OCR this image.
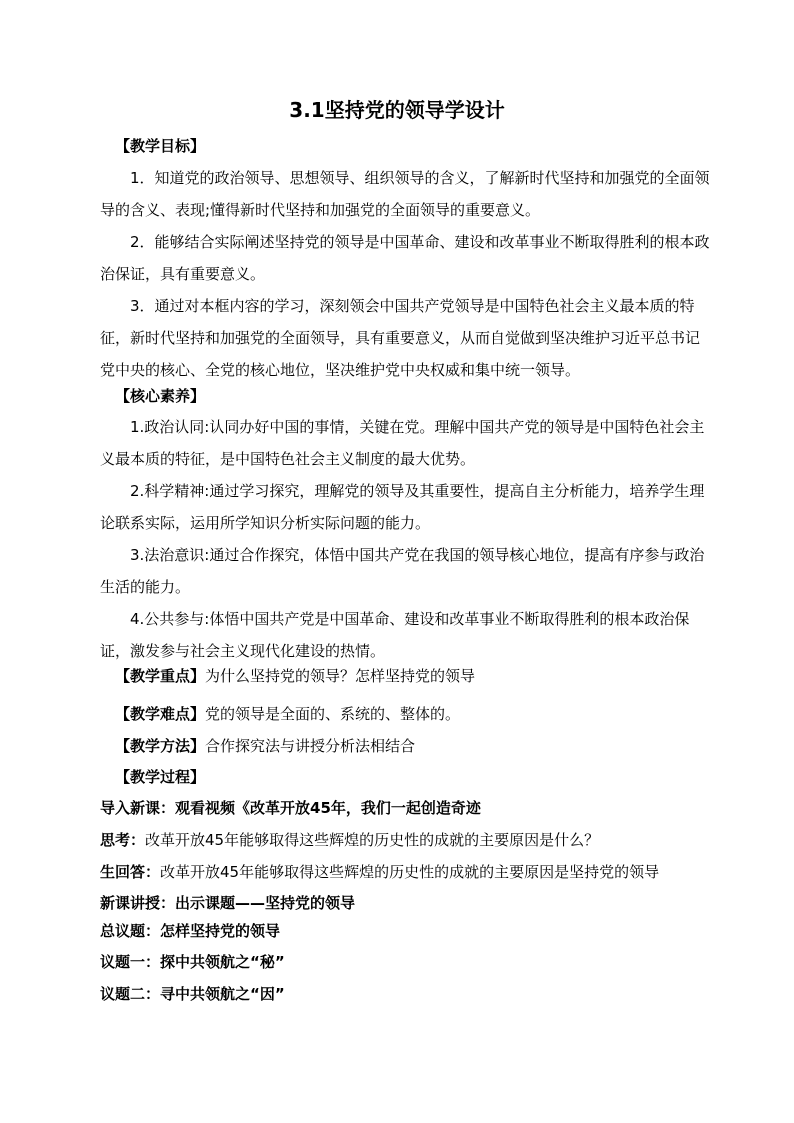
3.1坚持党的领导学设计
【教学目标】

1．知道党的政治领导、思想领导、组织领导的含义，了解新时代坚持和加强党的全面领导的含义、表现;懂得新时代坚持和加强党的全面领导的重要意义。

2．能够结合实际阐述坚持党的领导是中国革命、建设和改革事业不断取得胜利的根本政治保证，具有重要意义。

3．通过对本框内容的学习，深刻领会中国共产党领导是中国特色社会主义最本质的特征，新时代坚持和加强党的全面领导，具有重要意义，从而自觉做到坚决维护习近平总书记党中央的核心、全党的核心地位，坚决维护党中央权威和集中统一领导。

【核心素养】

1.政治认同:认同办好中国的事情，关键在党。理解中国共产党的领导是中国特色社会主义最本质的特征，是中国特色社会主义制度的最大优势。

2.科学精神:通过学习探究，理解党的领导及其重要性，提高自主分析能力，培养学生理论联系实际，运用所学知识分析实际问题的能力。

3.法治意识:通过合作探究，体悟中国共产党在我国的领导核心地位，提高有序参与政治生活的能力。

4.公共参与:体悟中国共产党是中国革命、建设和改革事业不断取得胜利的根本政治保证，激发参与社会主义现代化建设的热情。

【教学重点】为什么坚持党的领导？怎样坚持党的领导
【教学难点】党的领导是全面的、系统的、整体的。
【教学方法】合作探究法与讲授分析法相结合
【教学过程】
导入新课：观看视频《改革开放45年，我们一起创造奇迹
思考：改革开放45年能够取得这些辉煌的历史性的成就的主要原因是什么？
生回答：改革开放45年能够取得这些辉煌的历史性的成就的主要原因是坚持党的领导
新课讲授：出示课题——坚持党的领导
总议题：怎样坚持党的领导
议题一：探中共领航之“秘”
议题二：寻中共领航之“因”
